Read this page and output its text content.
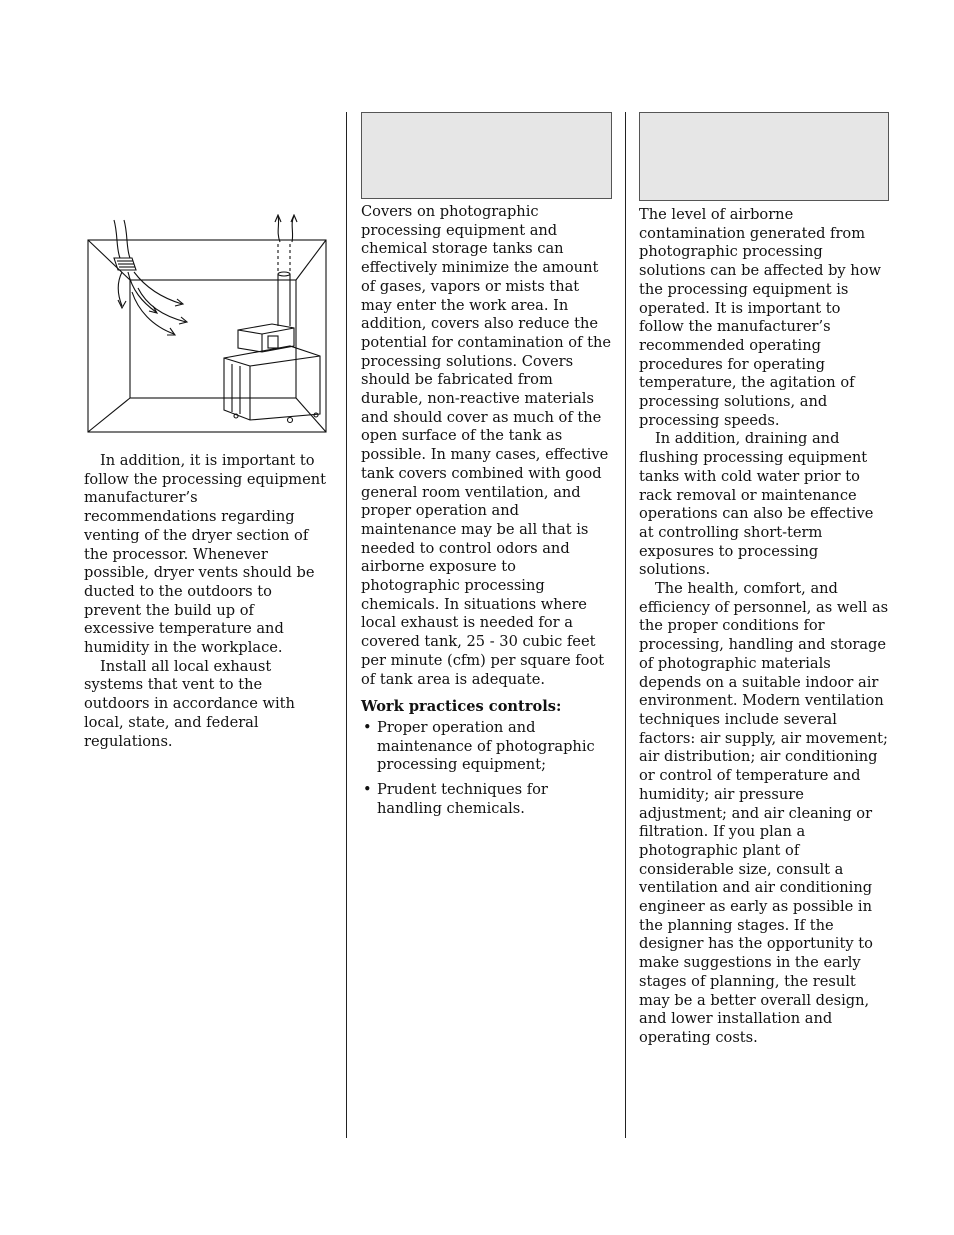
In addition, it is important to follow the processing equipment manufacturer’s recommendations regarding venting of the dryer section of the processor. Whenever possible, dryer vents should be ducted to the outdoors to prevent the build up of excessive temperature and humidity in the workplace.

Install all local exhaust systems that vent to the outdoors in accordance with local, state, and federal regulations.

Covers on photographic processing equipment and chemical storage tanks can effectively minimize the amount of gases, vapors or mists that may enter the work area. In addition, covers also reduce the potential for contamination of the processing solutions. Covers should be fabricated from durable, non-reactive materials and should cover as much of the open surface of the tank as possible. In many cases, effective tank covers combined with good general room ventilation, and proper operation and maintenance may be all that is needed to control odors and airborne exposure to photographic processing chemicals. In situations where local exhaust is needed for a covered tank, 25 - 30 cubic feet per minute (cfm) per square foot of tank area is adequate.

Work practices controls:

• Proper operation and maintenance of photographic processing equipment;
• Prudent techniques for handling chemicals.

The level of airborne contamination generated from photographic processing solutions can be affected by how the processing equipment is operated. It is important to follow the manufacturer’s recommended operating procedures for operating temperature, the agitation of processing solutions, and processing speeds.

In addition, draining and flushing processing equipment tanks with cold water prior to rack removal or maintenance operations can also be effective at controlling short-term exposures to processing solutions.

The health, comfort, and efficiency of personnel, as well as the proper conditions for processing, handling and storage of photographic materials depends on a suitable indoor air environment. Modern ventilation techniques include several factors: air supply, air movement; air distribution; air conditioning or control of temperature and humidity; air pressure adjustment; and air cleaning or filtration. If you plan a photographic plant of considerable size, consult a ventilation and air conditioning engineer as early as possible in the planning stages. If the designer has the opportunity to make suggestions in the early stages of planning, the result may be a better overall design, and lower installation and operating costs.
